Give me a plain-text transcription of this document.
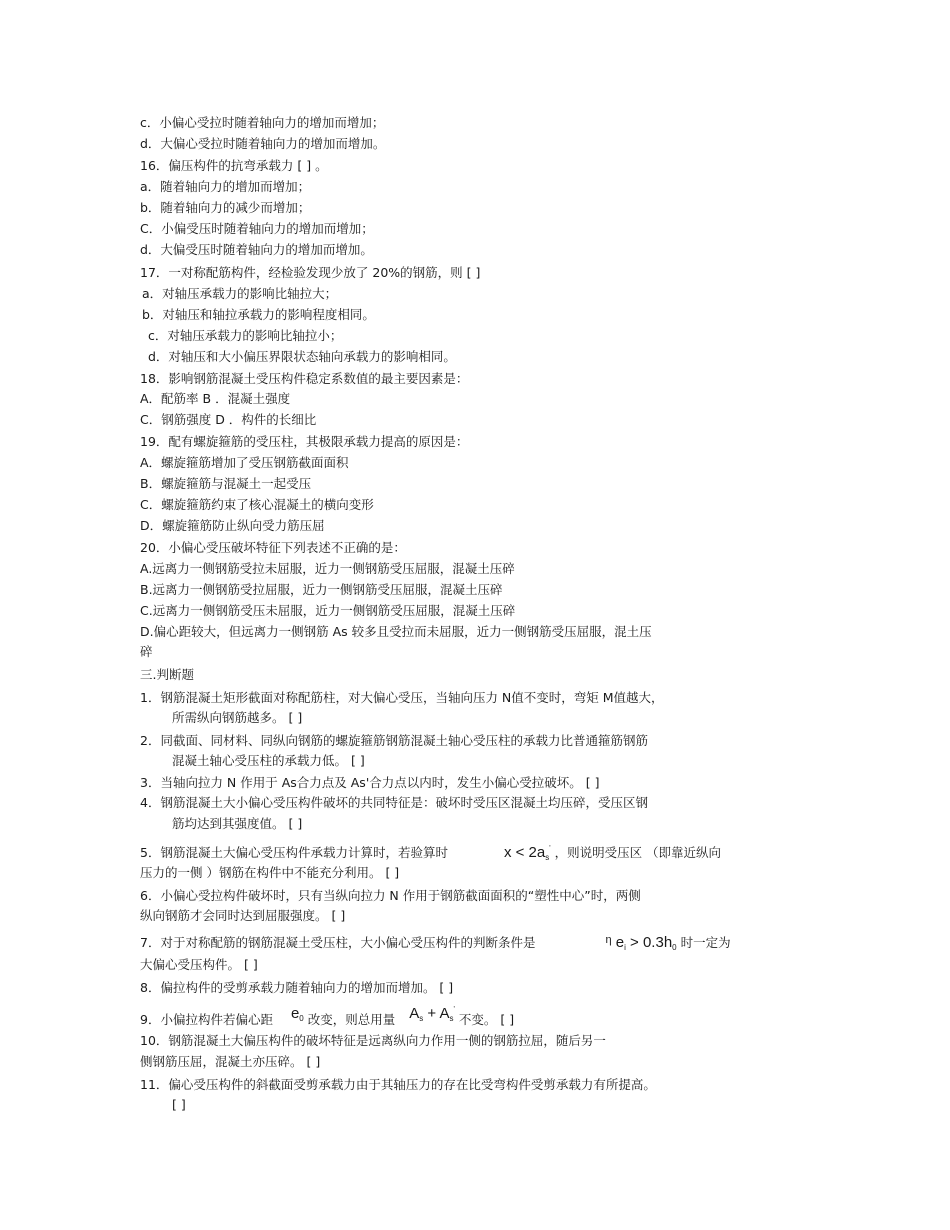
c．小偏心受拉时随着轴向力的增加而增加；
d．大偏心受拉时随着轴向力的增加而增加。
16．偏压构件的抗弯承载力 [ ] 。
a．随着轴向力的增加而增加；
b．随着轴向力的减少而增加；
C．小偏受压时随着轴向力的增加而增加；
d．大偏受压时随着轴向力的增加而增加。
17．一对称配筋构件，经检验发现少放了 20%的钢筋，则 [ ]
a．对轴压承载力的影响比轴拉大；
b．对轴压和轴拉承载力的影响程度相同。
c．对轴压承载力的影响比轴拉小；
d．对轴压和大小偏压界限状态轴向承载力的影响相同。
18．影响钢筋混凝土受压构件稳定系数值的最主要因素是：
A．配筋率 B ．混凝土强度
C．钢筋强度 D ．构件的长细比
19．配有螺旋箍筋的受压柱，其极限承载力提高的原因是：
A．螺旋箍筋增加了受压钢筋截面面积
B．螺旋箍筋与混凝土一起受压
C．螺旋箍筋约束了核心混凝土的横向变形
D．螺旋箍筋防止纵向受力筋压屈
20．小偏心受压破坏特征下列表述不正确的是：
A.远离力一侧钢筋受拉未屈服，近力一侧钢筋受压屈服，混凝土压碎
B.远离力一侧钢筋受拉屈服，近力一侧钢筋受压屈服，混凝土压碎
C.远离力一侧钢筋受压未屈服，近力一侧钢筋受压屈服，混凝土压碎
D.偏心距较大，但远离力一侧钢筋 As 较多且受拉而未屈服，近力一侧钢筋受压屈服，混土压
碎
三.判断题
1．钢筋混凝土矩形截面对称配筋柱，对大偏心受压，当轴向压力 N值不变时，弯矩 M值越大，
所需纵向钢筋越多。 [ ]
2．同截面、同材料、同纵向钢筋的螺旋箍筋钢筋混凝土轴心受压柱的承载力比普通箍筋钢筋
混凝土轴心受压柱的承载力低。 [ ]
3．当轴向拉力 N 作用于 As合力点及 As'合力点以内时，发生小偏心受拉破坏。 [ ]
4．钢筋混凝土大小偏心受压构件破坏的共同特征是：破坏时受压区混凝土均压碎，受压区钢
筋均达到其强度值。 [ ]
5．钢筋混凝土大偏心受压构件承载力计算时，若验算时	$x < 2a_s'$ ，则说明受压区 （即靠近纵向
压力的一侧 ）钢筋在构件中不能充分利用。 [ ]
6．小偏心受拉构件破坏时，只有当纵向拉力 N 作用于钢筋截面面积的“塑性中心”时，两侧
纵向钢筋才会同时达到屈服强度。 [ ]
7．对于对称配筋的钢筋混凝土受压柱，大小偏心受压构件的判断条件是	$^\eta$ $e_i > 0.3h_0$ 时一定为
大偏心受压构件。 [ ]
8．偏拉构件的受剪承载力随着轴向力的增加而增加。 [ ]
9．小偏拉构件若偏心距 $e_0$ 改变，则总用量 $A_s + A_s'$ 不变。 [ ]
10．钢筋混凝土大偏压构件的破坏特征是远离纵向力作用一侧的钢筋拉屈，随后另一
侧钢筋压屈，混凝土亦压碎。 [ ]
11．偏心受压构件的斜截面受剪承载力由于其轴压力的存在比受弯构件受剪承载力有所提高。
[ ]
